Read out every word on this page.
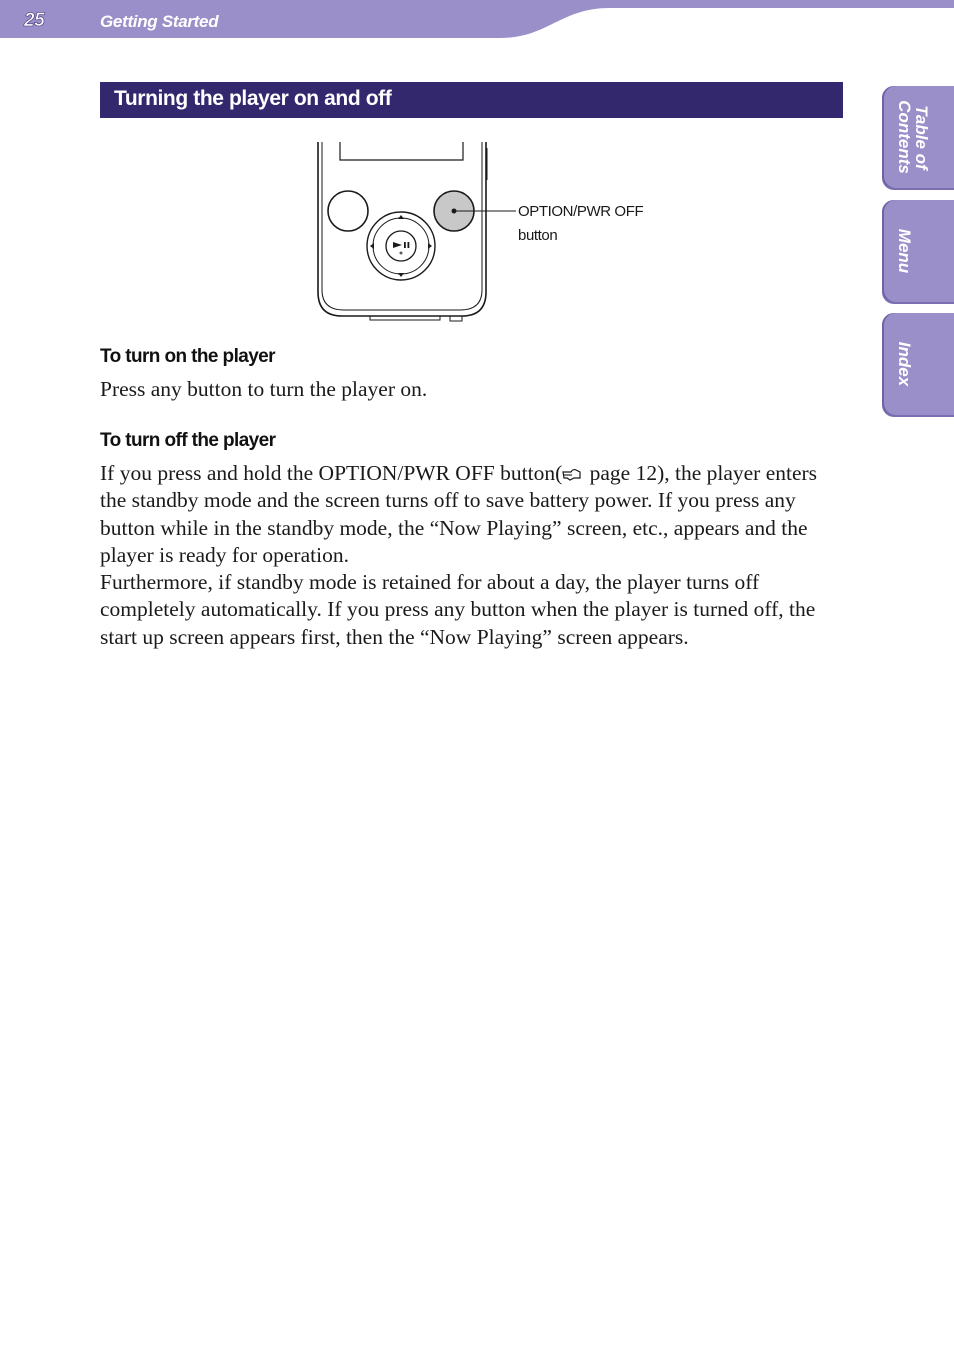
25	Getting Started
Table of
Contents
Menu
Index
Turning the player on and off
OPTION/PWR OFF
button
To turn on the player
Press any button to turn the player on.
To turn off the player
If you press and hold the OPTION/PWR OFF button( page 12), the player enters the standby mode and the screen turns off to save battery power. If you press any button while in the standby mode, the “Now Playing” screen, etc., appears and the player is ready for operation.
Furthermore, if standby mode is retained for about a day, the player turns off completely automatically. If you press any button when the player is turned off, the start up screen appears first, then the “Now Playing” screen appears.
